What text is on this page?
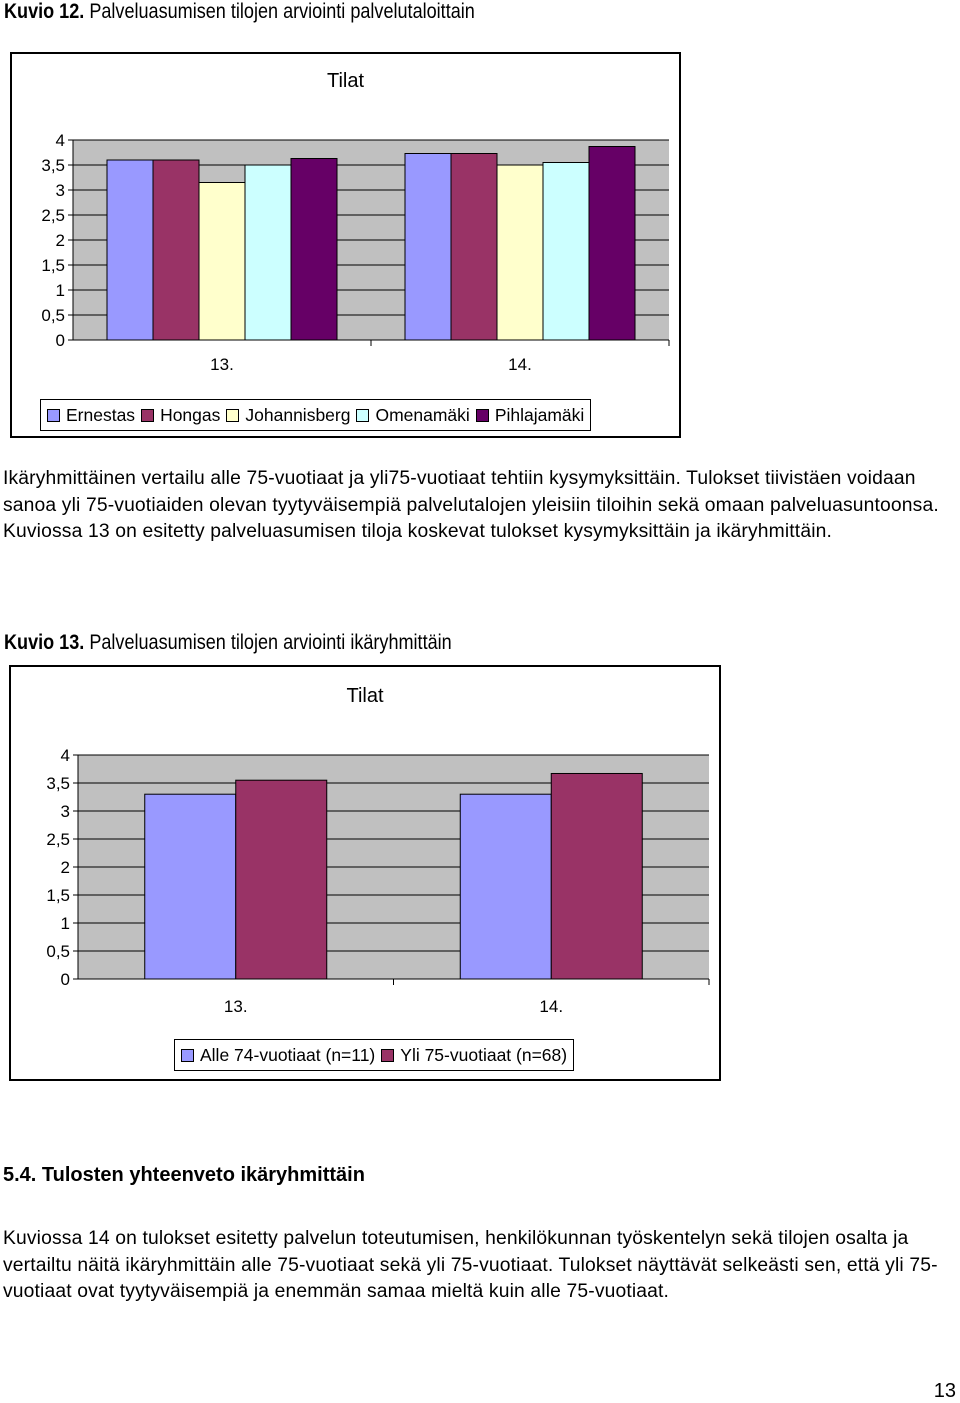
Kuvio 12. Palveluasumisen tilojen arviointi palvelutaloittain
Tilat
0
0,5
1
1,5
2
2,5
3
3,5
4
13.	14.
Ernestas Hongas Johannisberg Omenamäki Pihlajamäki
Ikäryhmittäinen vertailu alle 75-vuotiaat ja yli75-vuotiaat tehtiin kysymyksittäin. Tulokset tiivistäen voidaan sanoa yli 75-vuotiaiden olevan tyytyväisempiä palvelutalojen yleisiin tiloihin sekä omaan palveluasuntoonsa. Kuviossa 13 on esitetty palveluasumisen tiloja koskevat tulokset kysymyksittäin ja ikäryhmittäin.
Kuvio 13. Palveluasumisen tilojen arviointi ikäryhmittäin
Tilat
0
0,5
1
1,5
2
2,5
3
3,5
4
13.	14.
Alle 74-vuotiaat (n=11) Yli 75-vuotiaat (n=68)
5.4. Tulosten yhteenveto ikäryhmittäin
Kuviossa 14 on tulokset esitetty palvelun toteutumisen, henkilökunnan työskentelyn sekä tilojen osalta ja vertailtu näitä ikäryhmittäin alle 75-vuotiaat sekä yli 75-vuotiaat. Tulokset näyttävät selkeästi sen, että yli 75-vuotiaat ovat tyytyväisempiä ja enemmän samaa mieltä kuin alle 75-vuotiaat.
13
